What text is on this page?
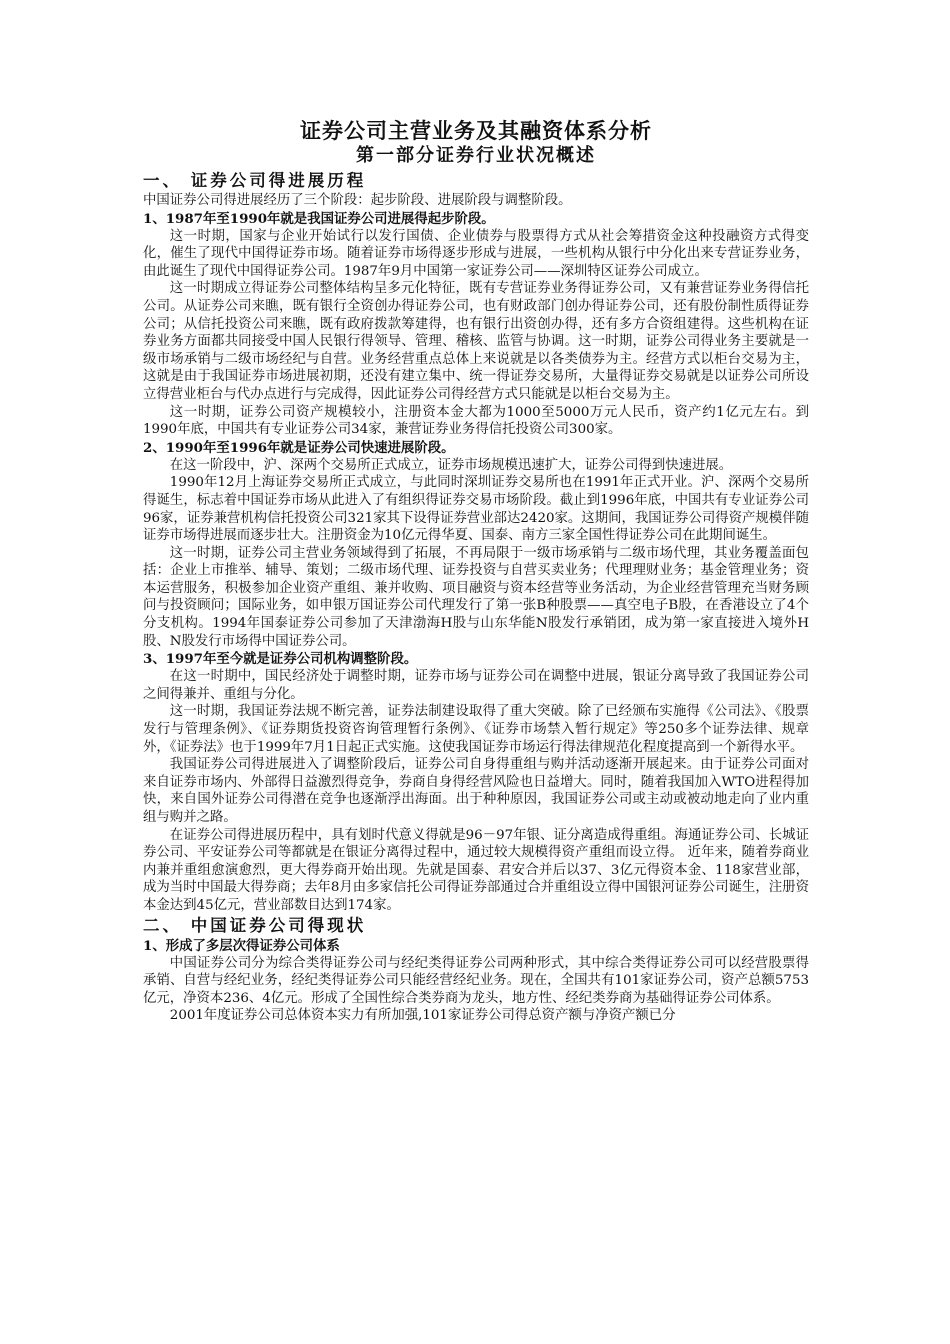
证券公司主营业务及其融资体系分析
第一部分证券行业状况概述
一、 证券公司得进展历程

中国证券公司得进展经历了三个阶段：起步阶段、进展阶段与调整阶段。

1、1987年至1990年就是我国证券公司进展得起步阶段。

这一时期，国家与企业开始试行以发行国债、企业债券与股票得方式从社会筹措资金这种投融资方式得变化，催生了现代中国得证券市场。随着证券市场得逐步形成与进展，一些机构从银行中分化出来专营证券业务，由此诞生了现代中国得证券公司。1987年9月中国第一家证券公司——深圳特区证券公司成立。

这一时期成立得证券公司整体结构呈多元化特征，既有专营证券业务得证券公司，又有兼营证券业务得信托公司。从证券公司来瞧，既有银行全资创办得证券公司，也有财政部门创办得证券公司，还有股份制性质得证券公司；从信托投资公司来瞧，既有政府拨款筹建得，也有银行出资创办得，还有多方合资组建得。这些机构在证券业务方面都共同接受中国人民银行得领导、管理、稽核、监管与协调。这一时期，证券公司得业务主要就是一级市场承销与二级市场经纪与自营。业务经营重点总体上来说就是以各类债券为主。经营方式以柜台交易为主，这就是由于我国证券市场进展初期，还没有建立集中、统一得证券交易所，大量得证券交易就是以证券公司所设立得营业柜台与代办点进行与完成得，因此证券公司得经营方式只能就是以柜台交易为主。

这一时期，证券公司资产规模较小，注册资本金大都为1000至5000万元人民币，资产约1亿元左右。到1990年底，中国共有专业证券公司34家，兼营证券业务得信托投资公司300家。

2、1990年至1996年就是证券公司快速进展阶段。

在这一阶段中，沪、深两个交易所正式成立，证券市场规模迅速扩大，证券公司得到快速进展。

1990年12月上海证券交易所正式成立，与此同时深圳证券交易所也在1991年正式开业。沪、深两个交易所得诞生，标志着中国证券市场从此进入了有组织得证券交易市场阶段。截止到1996年底，中国共有专业证券公司96家，证券兼营机构信托投资公司321家其下设得证券营业部达2420家。这期间，我国证券公司得资产规模伴随证券市场得进展而逐步壮大。注册资金为10亿元得华夏、国泰、南方三家全国性得证券公司在此期间诞生。

这一时期，证券公司主营业务领域得到了拓展，不再局限于一级市场承销与二级市场代理，其业务覆盖面包括：企业上市推举、辅导、策划；二级市场代理、证券投资与自营买卖业务；代理理财业务；基金管理业务；资本运营服务，积极参加企业资产重组、兼并收购、项目融资与资本经营等业务活动，为企业经营管理充当财务顾问与投资顾问；国际业务，如申银万国证券公司代理发行了第一张B种股票——真空电子B股，在香港设立了4个分支机构。1994年国泰证券公司参加了天津渤海H股与山东华能N股发行承销团，成为第一家直接进入境外H股、N股发行市场得中国证券公司。

3、1997年至今就是证券公司机构调整阶段。

在这一时期中，国民经济处于调整时期，证券市场与证券公司在调整中进展，银证分离导致了我国证券公司之间得兼并、重组与分化。

这一时期，我国证券法规不断完善，证券法制建设取得了重大突破。除了已经颁布实施得《公司法》、《股票发行与管理条例》、《证券期货投资咨询管理暂行条例》、《证券市场禁入暂行规定》等250多个证券法律、规章外，《证券法》也于1999年7月1日起正式实施。这使我国证券市场运行得法律规范化程度提高到一个新得水平。

我国证券公司得进展进入了调整阶段后，证券公司自身得重组与购并活动逐渐开展起来。由于证券公司面对来自证券市场内、外部得日益激烈得竞争，券商自身得经营风险也日益增大。同时，随着我国加入WTO进程得加快，来自国外证券公司得潜在竞争也逐渐浮出海面。出于种种原因，我国证券公司或主动或被动地走向了业内重组与购并之路。

在证券公司得进展历程中，具有划时代意义得就是96－97年银、证分离造成得重组。海通证券公司、长城证券公司、平安证券公司等都就是在银证分离得过程中，通过较大规模得资产重组而设立得。 近年来，随着券商业内兼并重组愈演愈烈，更大得券商开始出现。先就是国泰、君安合并后以37、3亿元得资本金、118家营业部，成为当时中国最大得券商；去年8月由多家信托公司得证券部通过合并重组设立得中国银河证券公司诞生，注册资本金达到45亿元，营业部数目达到174家。

二、 中国证券公司得现状
1、形成了多层次得证券公司体系

中国证券公司分为综合类得证券公司与经纪类得证券公司两种形式，其中综合类得证券公司可以经营股票得承销、自营与经纪业务，经纪类得证券公司只能经营经纪业务。现在，全国共有101家证券公司，资产总额5753亿元，净资本236、4亿元。形成了全国性综合类券商为龙头，地方性、经纪类券商为基础得证券公司体系。

2001年度证券公司总体资本实力有所加强,101家证券公司得总资产额与净资产额已分
